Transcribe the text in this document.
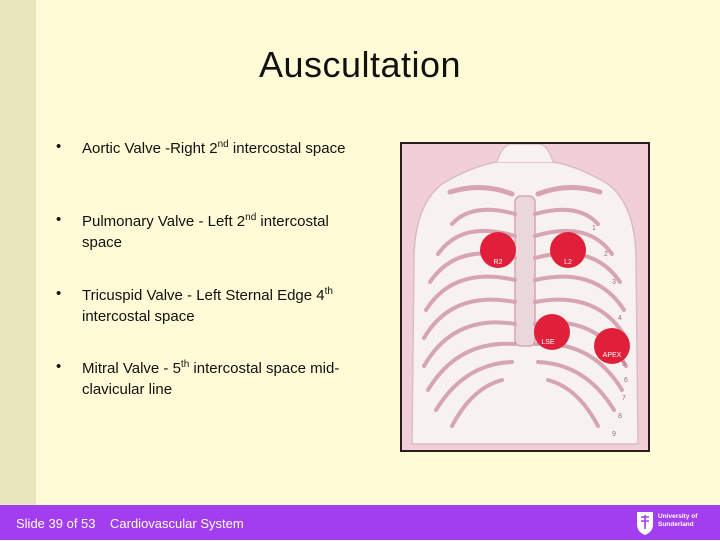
Auscultation
• Aortic Valve -Right 2nd intercostal space
• Pulmonary Valve - Left 2nd intercostal space
• Tricuspid Valve - Left Sternal Edge 4th intercostal space
• Mitral Valve - 5th intercostal space mid-clavicular line
R2	L2
LSE
APEX
1
2
3
4
5
6
7
8
9
Slide 39 of 53 Cardiovascular System	University of
Sunderland
